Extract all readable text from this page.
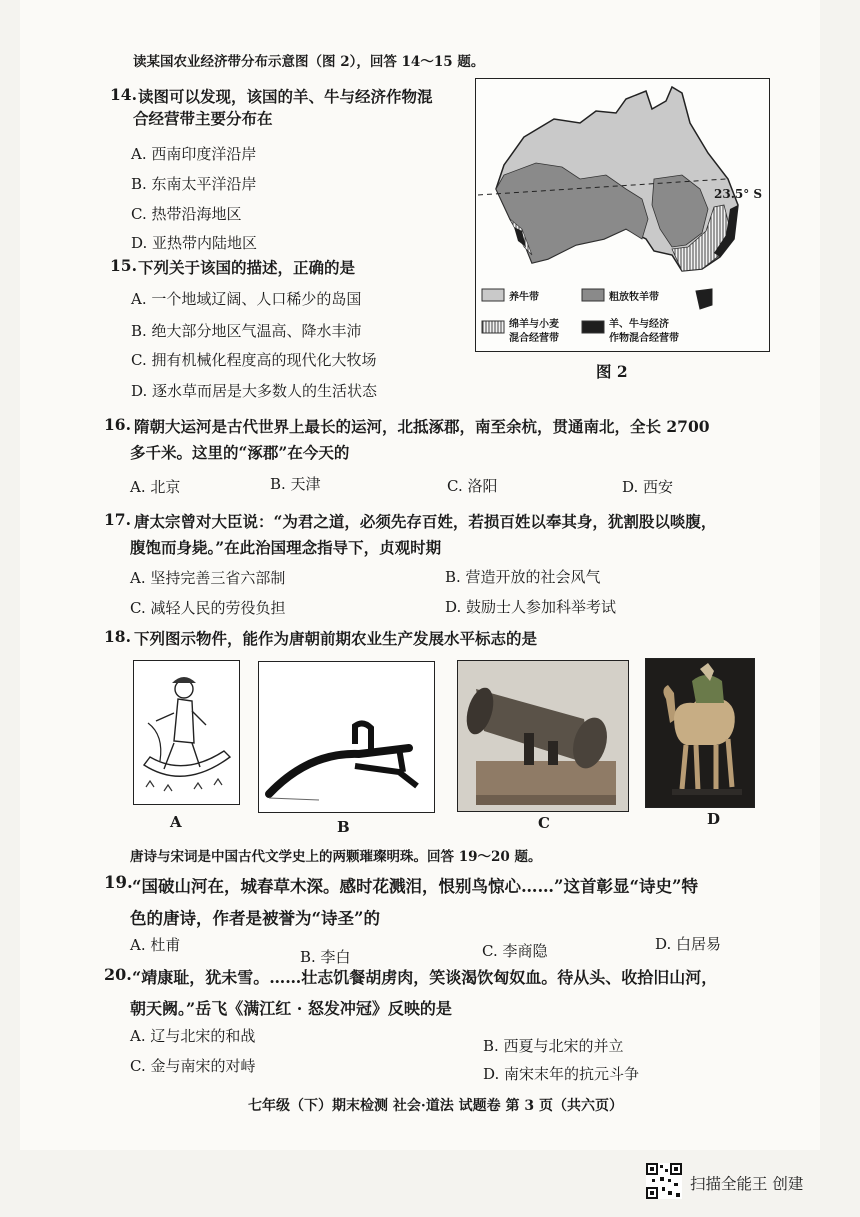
读某国农业经济带分布示意图（图 2），回答 14～15 题。
14. 读图可以发现，该国的羊、牛与经济作物混
合经营带主要分布在
A. 西南印度洋沿岸
B. 东南太平洋沿岸
C. 热带沿海地区
D. 亚热带内陆地区
15. 下列关于该国的描述，正确的是
A. 一个地域辽阔、人口稀少的岛国
B. 绝大部分地区气温高、降水丰沛
C. 拥有机械化程度高的现代化大牧场
D. 逐水草而居是大多数人的生活状态
23.5° S
养牛带	粗放牧羊带
绵羊与小麦
混合经营带
羊、牛与经济
作物混合经营带
图 2
16. 隋朝大运河是古代世界上最长的运河，北抵涿郡，南至余杭，贯通南北，全长 2700
多千米。这里的“涿郡”在今天的
A. 北京	B. 天津	C. 洛阳	D. 西安
17. 唐太宗曾对大臣说：“为君之道，必须先存百姓，若损百姓以奉其身，犹割股以啖腹，
腹饱而身毙。”在此治国理念指导下，贞观时期
A. 坚持完善三省六部制	B. 营造开放的社会风气
C. 减轻人民的劳役负担	D. 鼓励士人参加科举考试
18. 下列图示物件，能作为唐朝前期农业生产发展水平标志的是
A	B	C	D
唐诗与宋词是中国古代文学史上的两颗璀璨明珠。回答 19～20 题。
19. “国破山河在，城春草木深。感时花溅泪，恨别鸟惊心……”这首彰显“诗史”特
色的唐诗，作者是被誉为“诗圣”的
A. 杜甫
B. 李白	C. 李商隐	D. 白居易
20. “靖康耻，犹未雪。……壮志饥餐胡虏肉，笑谈渴饮匈奴血。待从头、收拾旧山河，
朝天阙。”岳飞《满江红 · 怒发冲冠》反映的是
A. 辽与北宋的和战
B. 西夏与北宋的并立
C. 金与南宋的对峙	D. 南宋末年的抗元斗争
七年级（下）期末检测 社会·道法 试题卷 第 3 页（共六页）
扫描全能王 创建
